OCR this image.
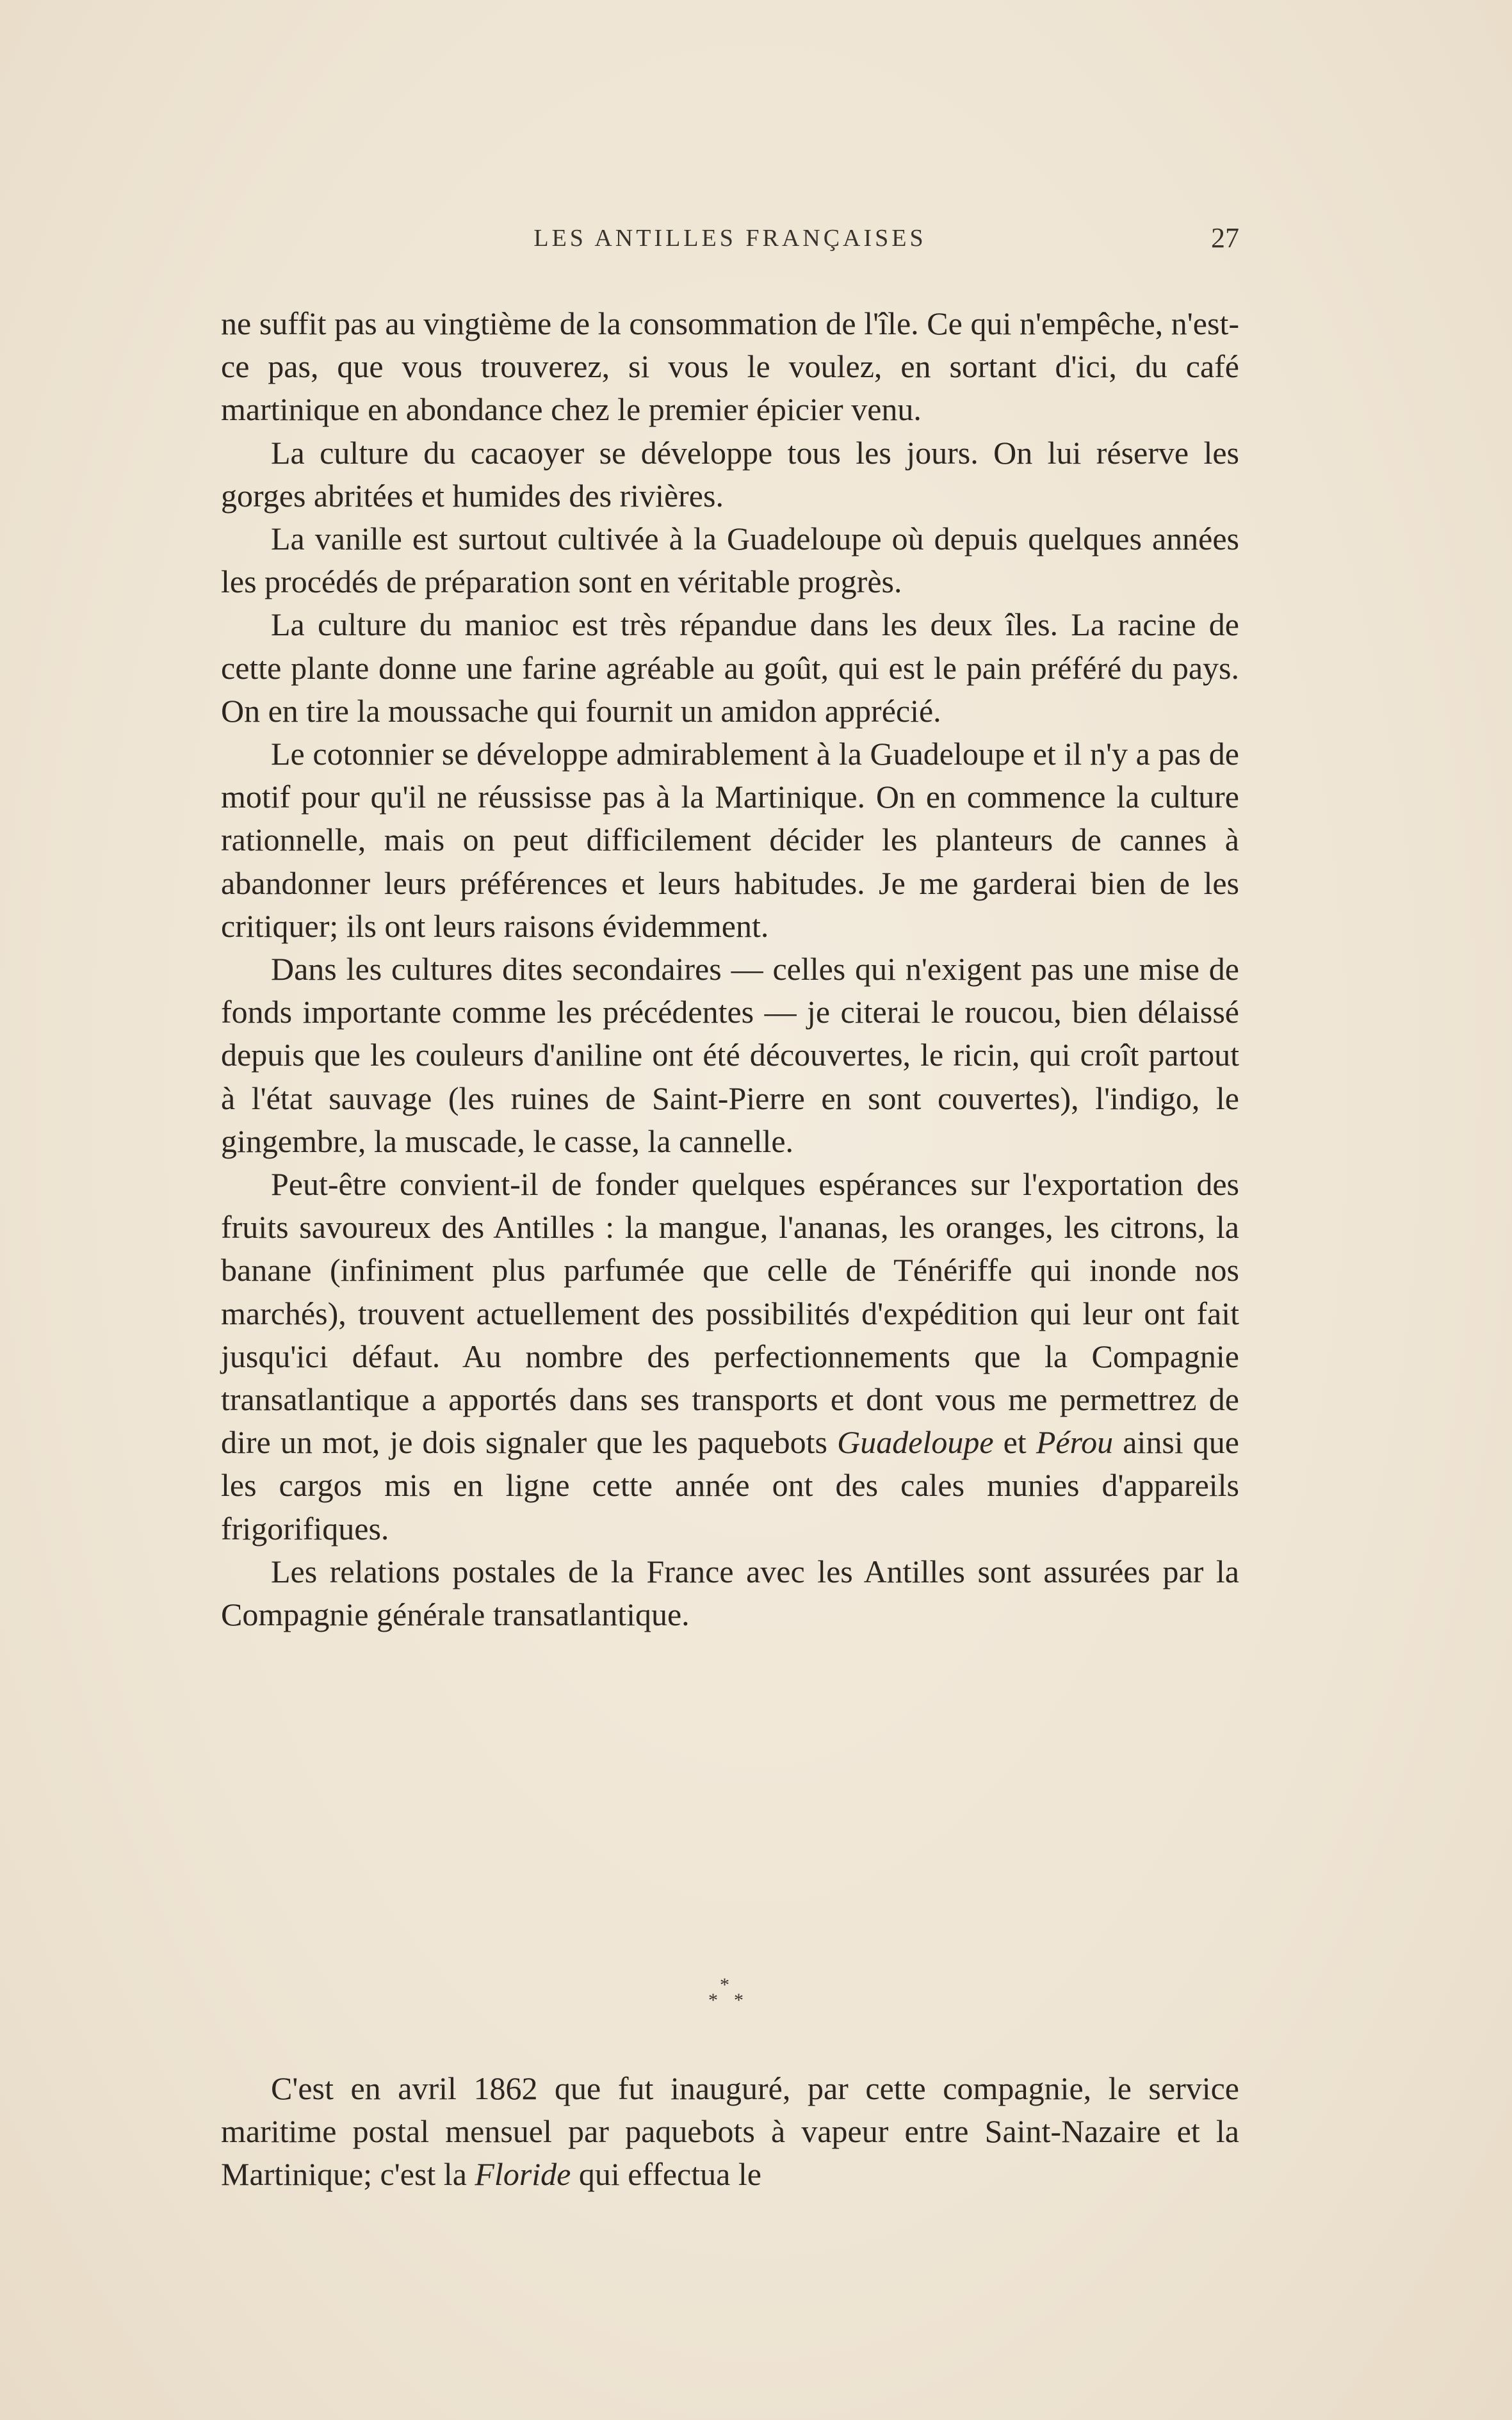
LES ANTILLES FRANÇAISES	27

ne suffit pas au vingtième de la consommation de l'île. Ce qui n'empêche, n'est-ce pas, que vous trouverez, si vous le voulez, en sortant d'ici, du café martinique en abondance chez le premier épicier venu.

La culture du cacaoyer se développe tous les jours. On lui réserve les gorges abritées et humides des rivières.

La vanille est surtout cultivée à la Guadeloupe où depuis quelques années les procédés de préparation sont en véritable progrès.

La culture du manioc est très répandue dans les deux îles. La racine de cette plante donne une farine agréable au goût, qui est le pain préféré du pays. On en tire la moussache qui fournit un amidon apprécié.

Le cotonnier se développe admirablement à la Guadeloupe et il n'y a pas de motif pour qu'il ne réussisse pas à la Martinique. On en commence la culture rationnelle, mais on peut difficilement décider les planteurs de cannes à abandonner leurs préférences et leurs habitudes. Je me garderai bien de les critiquer; ils ont leurs raisons évidemment.

Dans les cultures dites secondaires — celles qui n'exigent pas une mise de fonds importante comme les précédentes — je citerai le roucou, bien délaissé depuis que les couleurs d'aniline ont été découvertes, le ricin, qui croît partout à l'état sauvage (les ruines de Saint-Pierre en sont couvertes), l'indigo, le gingembre, la muscade, le casse, la cannelle.

Peut-être convient-il de fonder quelques espérances sur l'exportation des fruits savoureux des Antilles : la mangue, l'ananas, les oranges, les citrons, la banane (infiniment plus parfumée que celle de Ténériffe qui inonde nos marchés), trouvent actuellement des possibilités d'expédition qui leur ont fait jusqu'ici défaut. Au nombre des perfectionnements que la Compagnie transatlantique a apportés dans ses transports et dont vous me permettrez de dire un mot, je dois signaler que les paquebots Guadeloupe et Pérou ainsi que les cargos mis en ligne cette année ont des cales munies d'appareils frigorifiques.

Les relations postales de la France avec les Antilles sont assurées par la Compagnie générale transatlantique.

*
* *

C'est en avril 1862 que fut inauguré, par cette compagnie, le service maritime postal mensuel par paquebots à vapeur entre Saint-Nazaire et la Martinique; c'est la Floride qui effectua le
